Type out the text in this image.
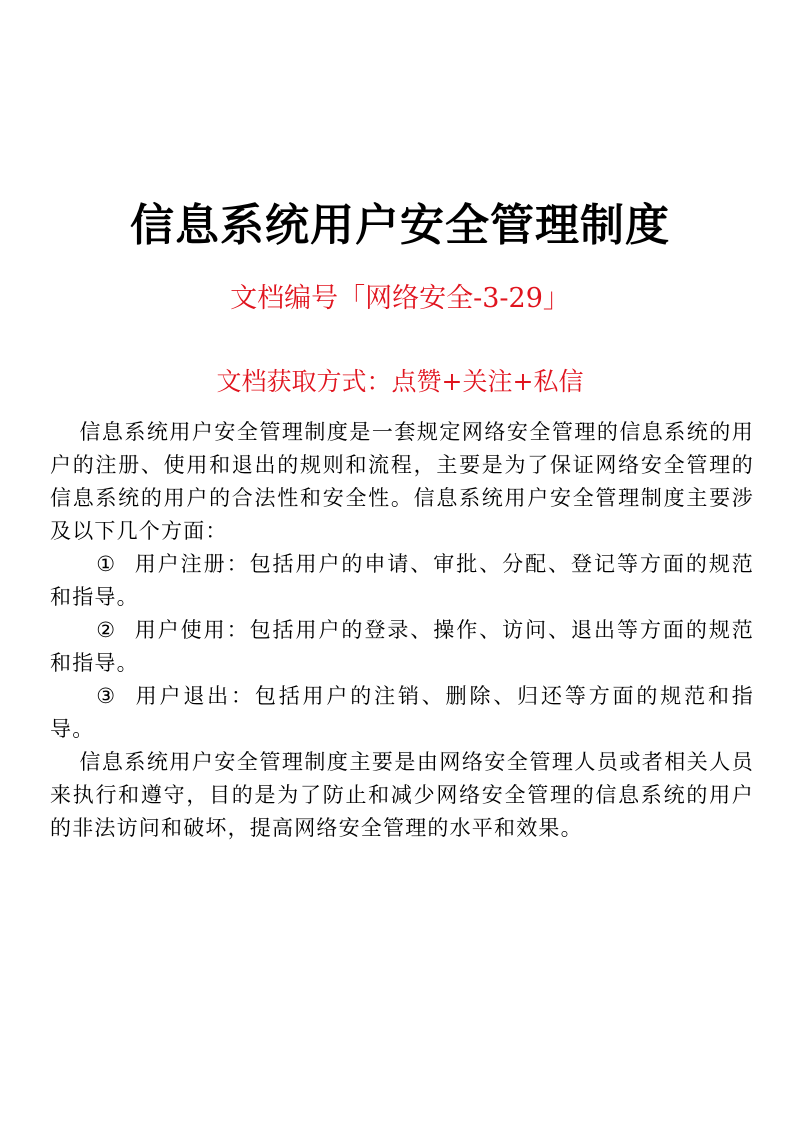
信息系统用户安全管理制度
文档编号「网络安全-3-29」
文档获取方式：点赞+关注+私信

信息系统用户安全管理制度是一套规定网络安全管理的信息系统的用户的注册、使用和退出的规则和流程，主要是为了保证网络安全管理的信息系统的用户的合法性和安全性。信息系统用户安全管理制度主要涉及以下几个方面：

① 用户注册：包括用户的申请、审批、分配、登记等方面的规范和指导。

② 用户使用：包括用户的登录、操作、访问、退出等方面的规范和指导。

③ 用户退出：包括用户的注销、删除、归还等方面的规范和指导。

信息系统用户安全管理制度主要是由网络安全管理人员或者相关人员来执行和遵守，目的是为了防止和减少网络安全管理的信息系统的用户的非法访问和破坏，提高网络安全管理的水平和效果。
